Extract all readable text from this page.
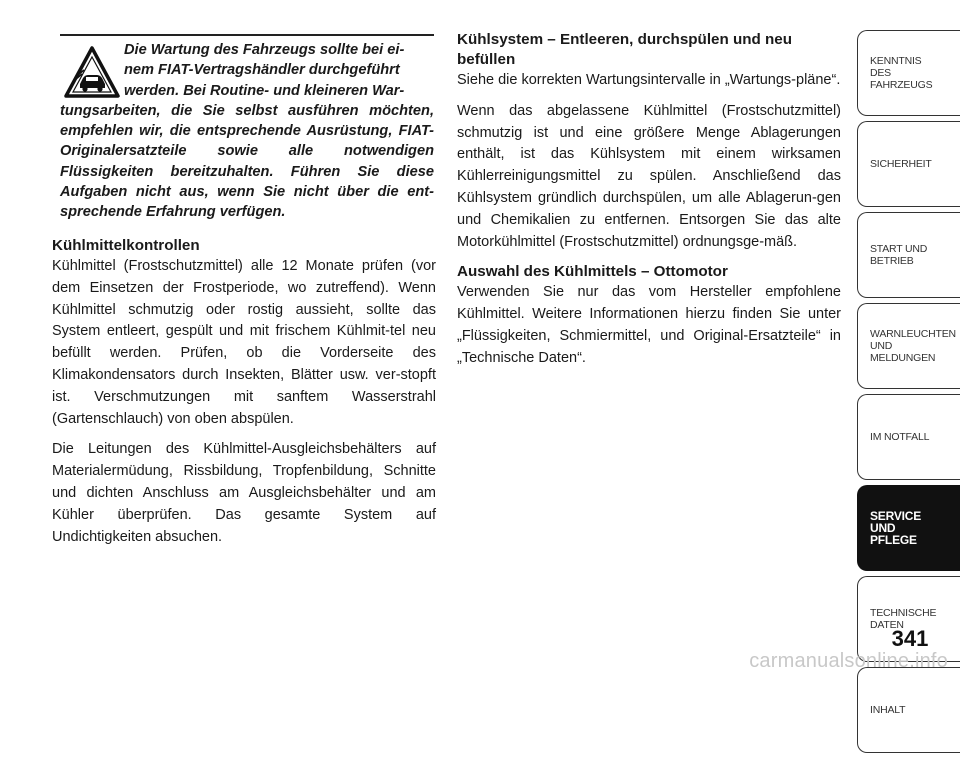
Die Wartung des Fahrzeugs sollte bei ei-
nem FIAT-Vertragshändler durchgeführt
werden. Bei Routine- und kleineren War-
tungsarbeiten, die Sie selbst ausführen möchten, empfehlen wir, die entsprechende Ausrüstung, FIAT-Originalersatzteile sowie alle notwendigen Flüssigkeiten bereitzuhalten. Führen Sie diese Aufgaben nicht aus, wenn Sie nicht über die ent-sprechende Erfahrung verfügen.

Kühlmittelkontrollen

Kühlmittel (Frostschutzmittel) alle 12 Monate prüfen (vor dem Einsetzen der Frostperiode, wo zutreffend). Wenn Kühlmittel schmutzig oder rostig aussieht, sollte das System entleert, gespült und mit frischem Kühlmit-tel neu befüllt werden. Prüfen, ob die Vorderseite des Klimakondensators durch Insekten, Blätter usw. ver-stopft ist. Verschmutzungen mit sanftem Wasserstrahl (Gartenschlauch) von oben abspülen.

Die Leitungen des Kühlmittel-Ausgleichsbehälters auf Materialermüdung, Rissbildung, Tropfenbildung, Schnitte und dichten Anschluss am Ausgleichsbehälter und am Kühler überprüfen. Das gesamte System auf Undichtigkeiten absuchen.

Kühlsystem – Entleeren, durchspülen und neu befüllen

Siehe die korrekten Wartungsintervalle in „Wartungs-pläne“.

Wenn das abgelassene Kühlmittel (Frostschutzmittel) schmutzig ist und eine größere Menge Ablagerungen enthält, ist das Kühlsystem mit einem wirksamen Kühlerreinigungsmittel zu spülen. Anschließend das Kühlsystem gründlich durchspülen, um alle Ablagerun-gen und Chemikalien zu entfernen. Entsorgen Sie das alte Motorkühlmittel (Frostschutzmittel) ordnungsge-mäß.

Auswahl des Kühlmittels – Ottomotor

Verwenden Sie nur das vom Hersteller empfohlene Kühlmittel. Weitere Informationen hierzu finden Sie unter „Flüssigkeiten, Schmiermittel, und Original-Ersatzteile“ in „Technische Daten“.

KENNTNIS
DES
FAHRZEUGS
SICHERHEIT
START UND
BETRIEB
WARNLEUCHTEN
UND
MELDUNGEN
IM NOTFALL
SERVICE
UND
PFLEGE
TECHNISCHE
DATEN
INHALT
341
carmanualsonline.info
